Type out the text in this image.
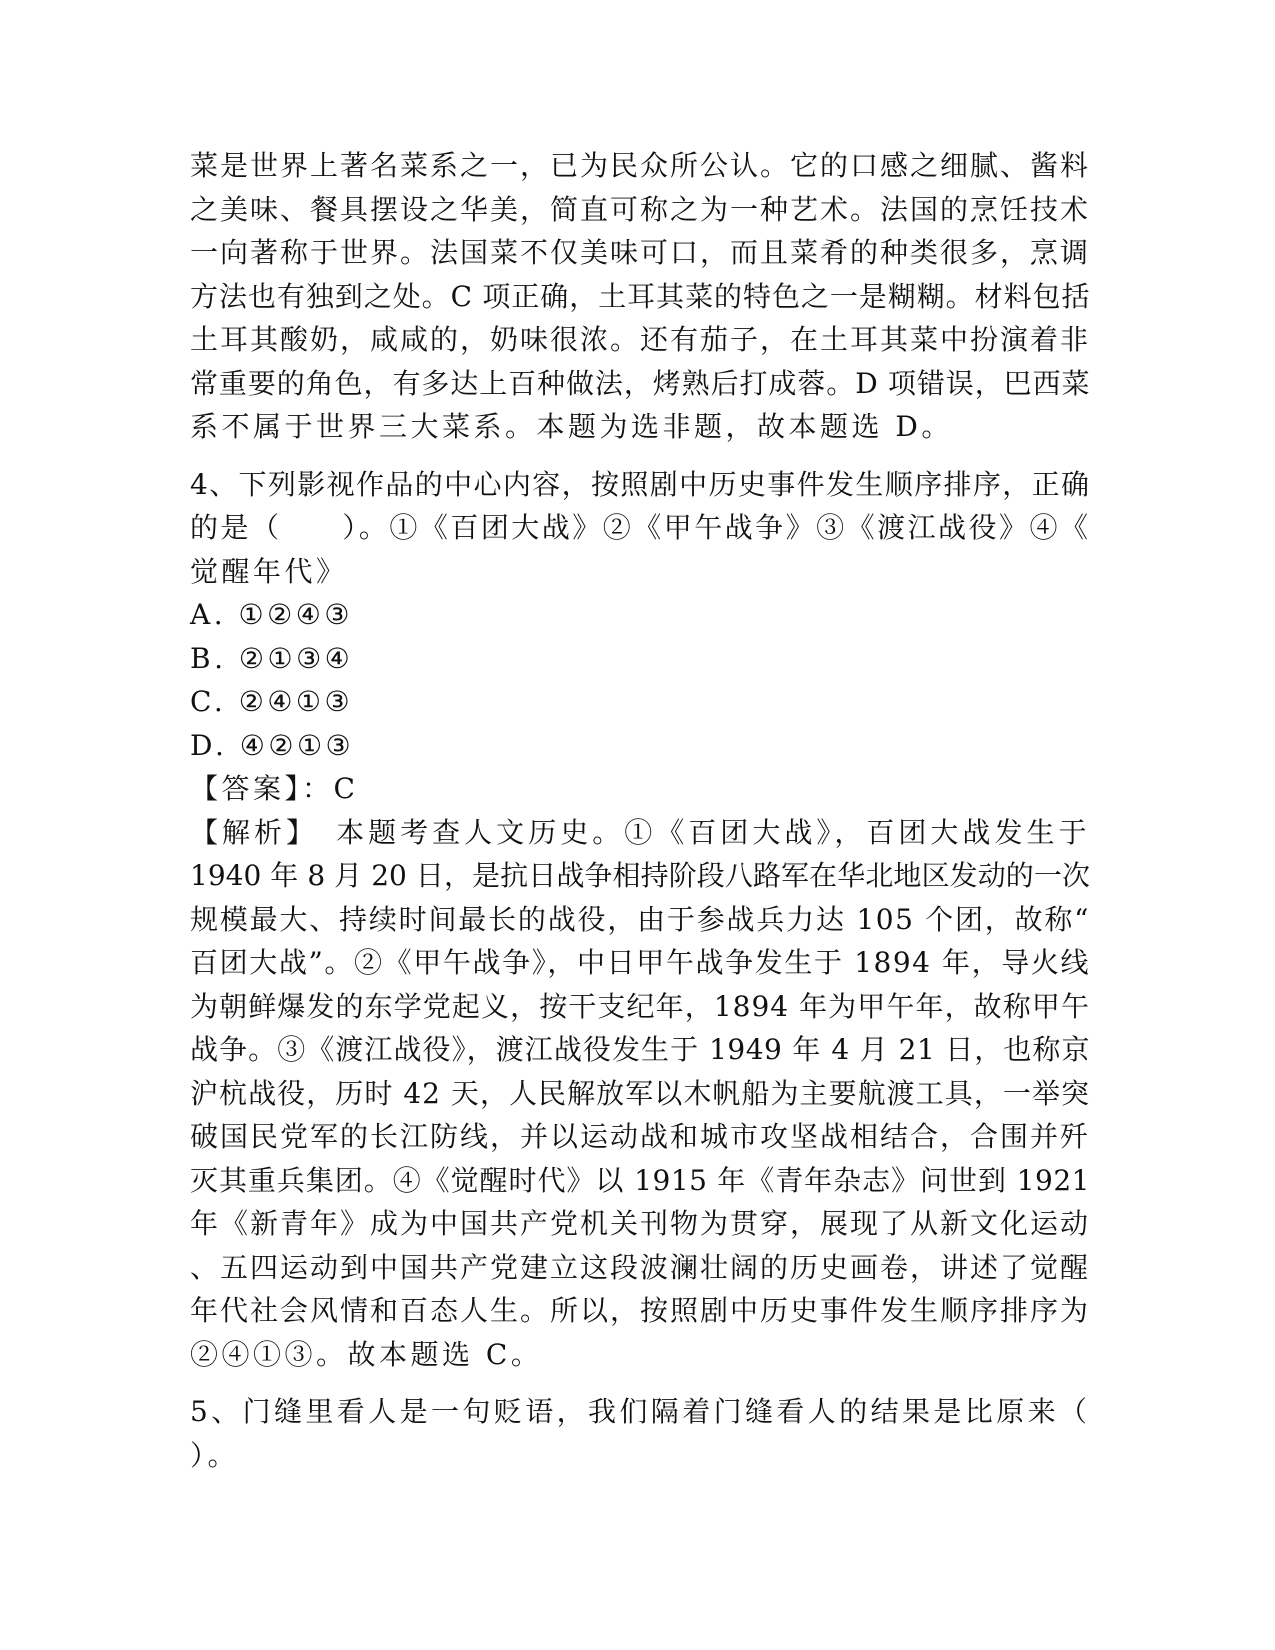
菜是世界上著名菜系之一，已为民众所公认。它的口感之细腻、酱料
之美味、餐具摆设之华美，简直可称之为一种艺术。法国的烹饪技术
一向著称于世界。法国菜不仅美味可口，而且菜肴的种类很多，烹调
方法也有独到之处。C 项正确，土耳其菜的特色之一是糊糊。材料包括
土耳其酸奶，咸咸的，奶味很浓。还有茄子，在土耳其菜中扮演着非
常重要的角色，有多达上百种做法，烤熟后打成蓉。D 项错误，巴西菜
系不属于世界三大菜系。本题为选非题，故本题选 D。
4、下列影视作品的中心内容，按照剧中历史事件发生顺序排序，正确
的是（　　）。①《百团大战》②《甲午战争》③《渡江战役》④《
觉醒年代》
A. ①②④③
B. ②①③④
C. ②④①③
D. ④②①③
【答案】：C
【解析】　本题考查人文历史。①《百团大战》，百团大战发生于
1940 年 8 月 20 日，是抗日战争相持阶段八路军在华北地区发动的一次
规模最大、持续时间最长的战役，由于参战兵力达 105 个团，故称“
百团大战”。②《甲午战争》，中日甲午战争发生于 1894 年，导火线
为朝鲜爆发的东学党起义，按干支纪年，1894 年为甲午年，故称甲午
战争。③《渡江战役》，渡江战役发生于 1949 年 4 月 21 日，也称京
沪杭战役，历时 42 天，人民解放军以木帆船为主要航渡工具，一举突
破国民党军的长江防线，并以运动战和城市攻坚战相结合，合围并歼
灭其重兵集团。④《觉醒时代》以 1915 年《青年杂志》问世到 1921
年《新青年》成为中国共产党机关刊物为贯穿，展现了从新文化运动
、五四运动到中国共产党建立这段波澜壮阔的历史画卷，讲述了觉醒
年代社会风情和百态人生。所以，按照剧中历史事件发生顺序排序为
②④①③。故本题选 C。
5、门缝里看人是一句贬语，我们隔着门缝看人的结果是比原来（
）。
